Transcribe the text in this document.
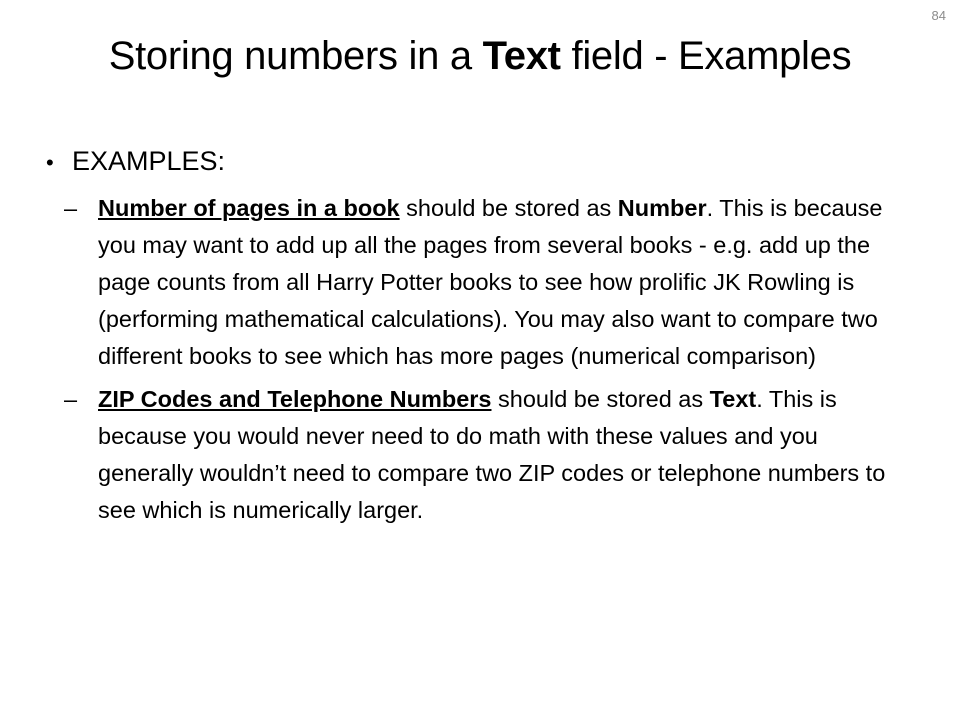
84
Storing numbers in a Text field - Examples
• EXAMPLES:
– Number of pages in a book should be stored as Number. This is because you may want to add up all the pages from several books - e.g. add up the page counts from all Harry Potter books to see how prolific JK Rowling is (performing mathematical calculations). You may also want to compare two different books to see which has more pages (numerical comparison)
– ZIP Codes and Telephone Numbers should be stored as Text. This is because you would never need to do math with these values and you generally wouldn’t need to compare two ZIP codes or telephone numbers to see which is numerically larger.
